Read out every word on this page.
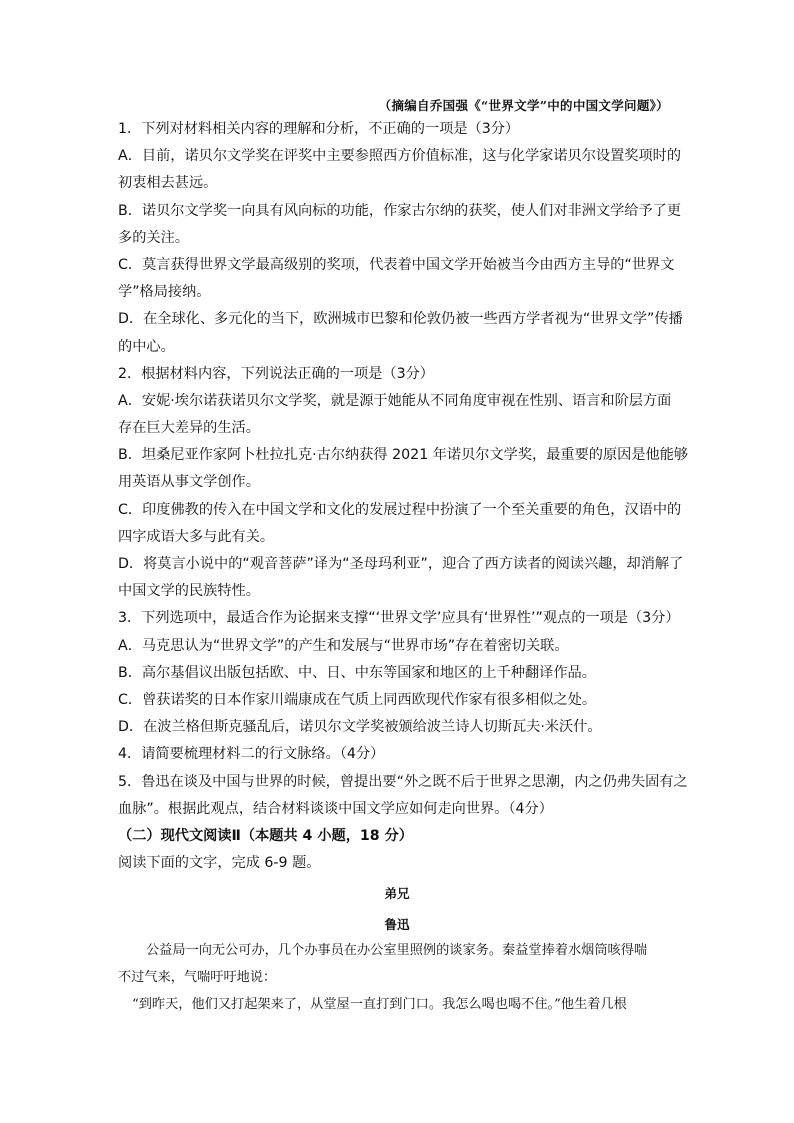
（摘编自乔国强《“世界文学”中的中国文学问题》）
1．下列对材料相关内容的理解和分析，不正确的一项是（3分）
A．目前，诺贝尔文学奖在评奖中主要参照西方价值标准，这与化学家诺贝尔设置奖项时的
初衷相去甚远。
B．诺贝尔文学奖一向具有风向标的功能，作家古尔纳的获奖，使人们对非洲文学给予了更
多的关注。
C．莫言获得世界文学最高级别的奖项，代表着中国文学开始被当今由西方主导的“世界文
学”格局接纳。
D．在全球化、多元化的当下，欧洲城市巴黎和伦敦仍被一些西方学者视为“世界文学”传播
的中心。
2．根据材料内容，下列说法正确的一项是（3分）
A．安妮·埃尔诺获诺贝尔文学奖，就是源于她能从不同角度审视在性别、语言和阶层方面
存在巨大差异的生活。
B．坦桑尼亚作家阿卜杜拉扎克·古尔纳获得 2021 年诺贝尔文学奖，最重要的原因是他能够
用英语从事文学创作。
C．印度佛教的传入在中国文学和文化的发展过程中扮演了一个至关重要的角色，汉语中的
四字成语大多与此有关。
D．将莫言小说中的“观音菩萨”译为“圣母玛利亚”，迎合了西方读者的阅读兴趣，却消解了
中国文学的民族特性。
3．下列选项中，最适合作为论据来支撑“‘世界文学’应具有‘世界性’”观点的一项是（3分）
A．马克思认为“世界文学”的产生和发展与“世界市场”存在着密切关联。
B．高尔基倡议出版包括欧、中、日、中东等国家和地区的上千种翻译作品。
C．曾获诺奖的日本作家川端康成在气质上同西欧现代作家有很多相似之处。
D．在波兰格但斯克骚乱后，诺贝尔文学奖被颁给波兰诗人切斯瓦夫·米沃什。
4．请简要梳理材料二的行文脉络。（4分）
5．鲁迅在谈及中国与世界的时候，曾提出要“外之既不后于世界之思潮，内之仍弗失固有之
血脉”。根据此观点，结合材料谈谈中国文学应如何走向世界。（4分）
（二）现代文阅读Ⅱ（本题共 4 小题，18 分）
阅读下面的文字，完成 6-9 题。
弟兄
鲁迅
公益局一向无公可办，几个办事员在办公室里照例的谈家务。秦益堂捧着水烟筒咳得喘
不过气来，气喘吁吁地说：
“到昨天，他们又打起架来了，从堂屋一直打到门口。我怎么喝也喝不住。”他生着几根
